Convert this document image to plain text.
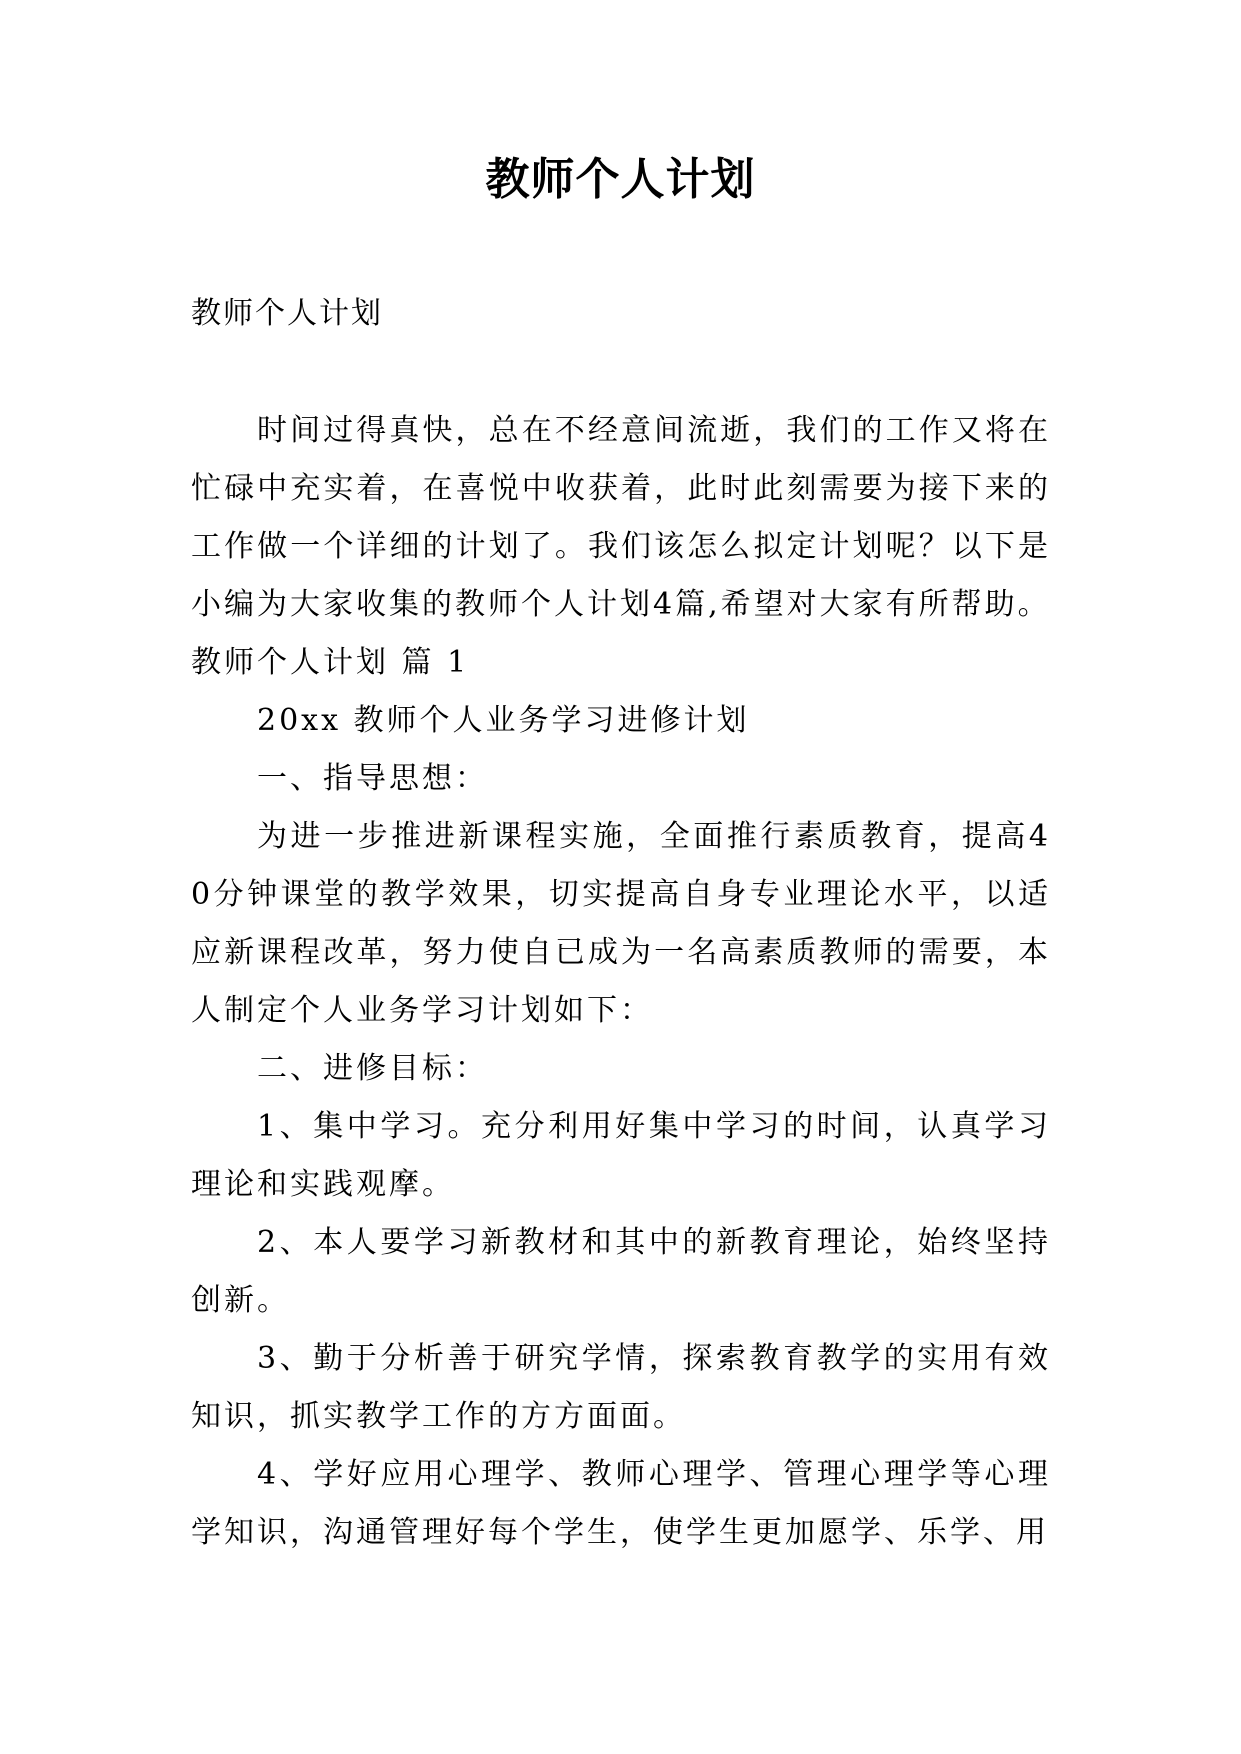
教师个人计划
教师个人计划

时间过得真快，总在不经意间流逝，我们的工作又将在忙碌中充实着，在喜悦中收获着，此时此刻需要为接下来的工作做一个详细的计划了。我们该怎么拟定计划呢？以下是小编为大家收集的教师个人计划4篇,希望对大家有所帮助。

教师个人计划 篇 1

20xx 教师个人业务学习进修计划

一、指导思想：

为进一步推进新课程实施，全面推行素质教育，提高40分钟课堂的教学效果，切实提高自身专业理论水平，以适应新课程改革，努力使自已成为一名高素质教师的需要，本人制定个人业务学习计划如下：

二、进修目标：

1、集中学习。充分利用好集中学习的时间，认真学习理论和实践观摩。

2、本人要学习新教材和其中的新教育理论，始终坚持创新。

3、勤于分析善于研究学情，探索教育教学的实用有效知识，抓实教学工作的方方面面。

4、学好应用心理学、教师心理学、管理心理学等心理学知识，沟通管理好每个学生，使学生更加愿学、乐学、用
